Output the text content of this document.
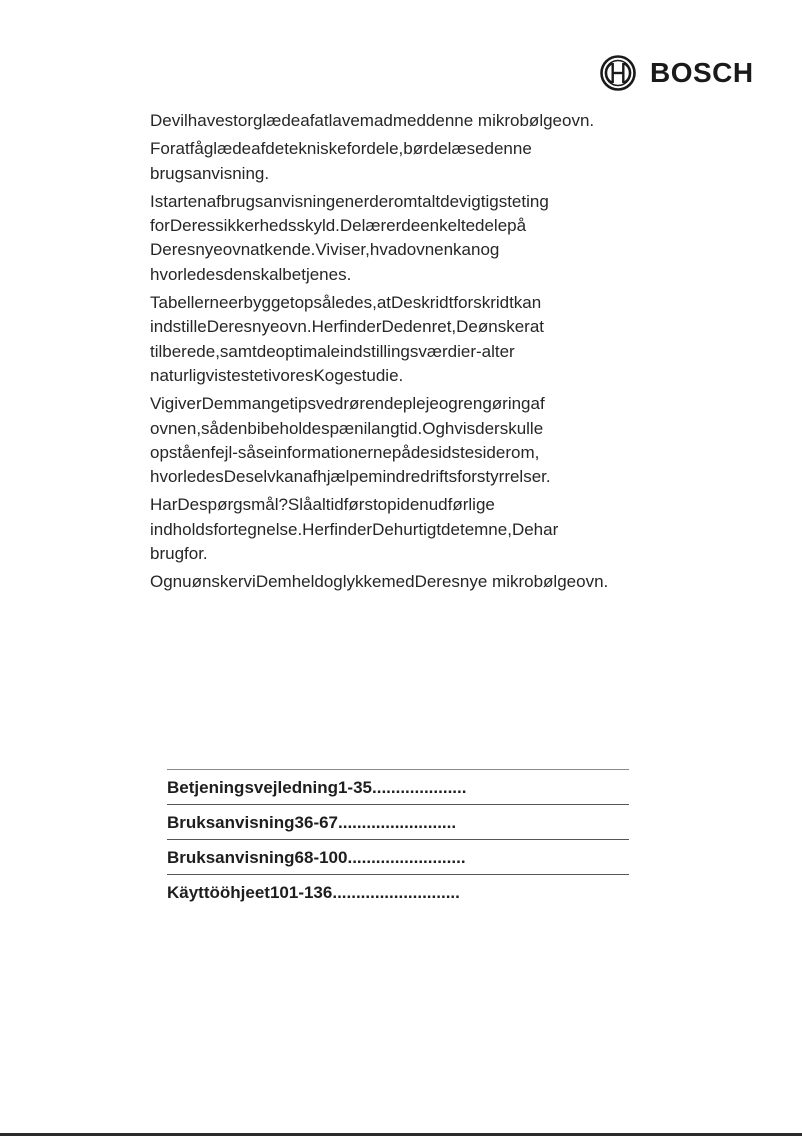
BOSCH

Devilhavestorglædeafatlavemadmeddenne mikrobølgeovn.

Foratfåglædeafdetekniskefordele,børdelæsedenne brugsanvisning.

Istartenafbrugsanvisningenerderomtaltdevigtigsteting forDeressikkerhedsskyld.Delærerdeenkeltedelepå Deresnyeovnatkende.Viviser,hvadovnenkanog hvorledesdenskalbetjenes.

Tabellerneerbyggetopsåledes,atDeskridtforskridtkan indstilleDeresnyeovn.HerfinderDedenret,Deønskerat tilberede,samtdeoptimaleindstillingsværdier-alter naturligvistestetivoresKogestudie.

VigiverDemmangetipsvedrørendeplejeogrengøringaf ovnen,sådenbibeholdespænilangtid.Oghvisderskulle opståenfejl-såseinformationernepådesidstesiderom, hvorledesDeselvkanafhjælpemindredriftsforstyrrelser.

HarDespørgsmål?Slåaltidførstopidenudførlige indholdsfortegnelse.HerfinderDehurtigtdetemne,Dehar brugfor.

OgnuønskerviDemheldoglykkemedDeresnye mikrobølgeovn.

Betjeningsvejledning1-35....................
Bruksanvisning36-67.........................
Bruksanvisning68-100.........................
Käyttööhjeet101-136...........................
